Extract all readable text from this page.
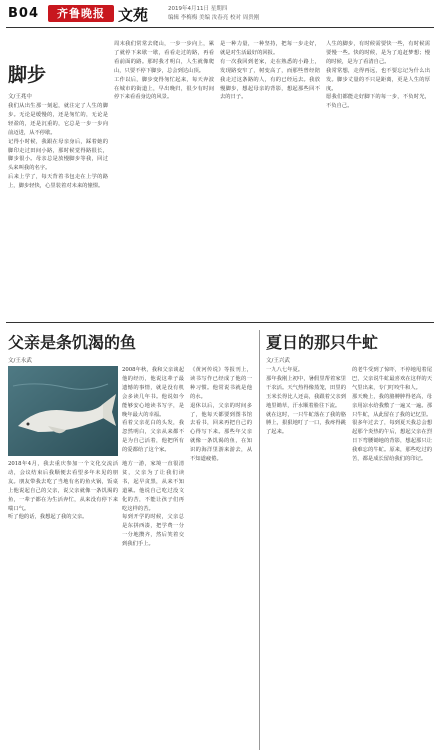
B04	齐鲁晚报 文苑	2019年4月11日 星期四
编辑 李梅梅 美编 汝春亮 校对 周贵刚
脚步
文/王兆中
我们从出生那一刻起，就注定了人生的脚步。无论是缓慢的，还是匆忙的，无论是轻盈的，还是沉重的，它总是一步一步向前迈进，从不停歇。
记得小时候，我跟在母亲身后，踩着她的脚印走过田间小路，那时候觉得路很长，脚步很小。母亲总是放慢脚步等我，回过头来叫我的名字。
后来上学了，每天背着书包走在上学的路上，脚步轻快，心里装着对未来的憧憬。
周末我们常常去爬山，一步一步向上，累了就停下来歇一歇，看看走过的路，再看看前面的路。那时我才明白，人生就像爬山，只要不停下脚步，总会到达山顶。
工作以后，脚步变得匆忙起来，每天奔波在城市的街道上，早出晚归，很少有时间停下来看看身边的风景。
是一种力量，一种坚持，把每一步走好，就是对生活最好的回报。
有一次我回到老家，走在熟悉的小路上，发现路变窄了，树变高了，而那些曾经陪我走过这条路的人，有的已经远去。我放慢脚步，想起母亲的背影，想起那些回不去的日子。
人生的脚步，有时候需要快一些，有时候需要慢一些。快的时候，是为了追赶梦想；慢的时候，是为了看清自己。
我常常想，走得再远，也不要忘记为什么出发。脚步丈量的不只是距离，更是人生的厚度。
愿我们都能走好脚下的每一步，不负时光，不负自己。
父亲是条饥渴的鱼
文/王永武
2018年4月，我去重庆参加一个文化交流活动，会议结束后我顺便去看望多年未见的朋友。朋友带我去吃了当地有名的鱼火锅，饭桌上他说起自己的父亲，说父亲就像一条饥渴的鱼，一辈子都在为生活奔忙，从来没有停下来喘口气。
听了他的话，我想起了我的父亲。
地方一游，家境一直很清贫，父亲为了让我们读书，起早贪黑，从来不知道累。他说自己吃过没文化的苦，不能让孩子们再吃这样的苦。
每到开学的时候，父亲总是东拼西凑，把学费一分一分地攒齐，然后笑着交到我们手上。
《黄河传说》等报刊上，读书写作已经成了他的一种习惯。他常说书就是他的水。
退休以后，父亲的时间多了，他每天都要到图书馆去看书，回来再把自己的心得写下来。那些年父亲就像一条饥渴的鱼，在知识的海洋里游来游去，从不知道疲倦。
2008年秋，我和父亲谈起他的经历，他说这辈子最遗憾的事情，就是没有机会多读几年书。他说如今能够安心地读书写字，是晚年最大的幸福。
看着父亲花白的头发，我忽然明白，父亲从来都不是为自己活着，他把所有的爱都给了这个家。
夏日的那只牛虻
文/王兴武
一九八七年夏。
那年我刚上初中，暑假里帮着家里干农活。天气热得像蒸笼，田里的玉米长得比人还高，我跟着父亲到地里锄草，汗水顺着脸往下流。
就在这时，一只牛虻落在了我的胳膊上，狠狠地叮了一口，我疼得跳了起来。
的老牛受到了惊吓，不停地甩着尾巴，父亲说牛虻最喜欢在这样的天气里出来，专门叮咬牛和人。
那天晚上，我的胳膊肿得老高，母亲用凉水给我敷了一遍又一遍。那只牛虻，从此留在了我的记忆里。
很多年过去了，每到夏天我总会想起那个炎热的午后，想起父亲在烈日下弯腰锄地的背影，想起那只让我难忘的牛虻。原来，那些吃过的苦，都是成长留给我们的印记。
